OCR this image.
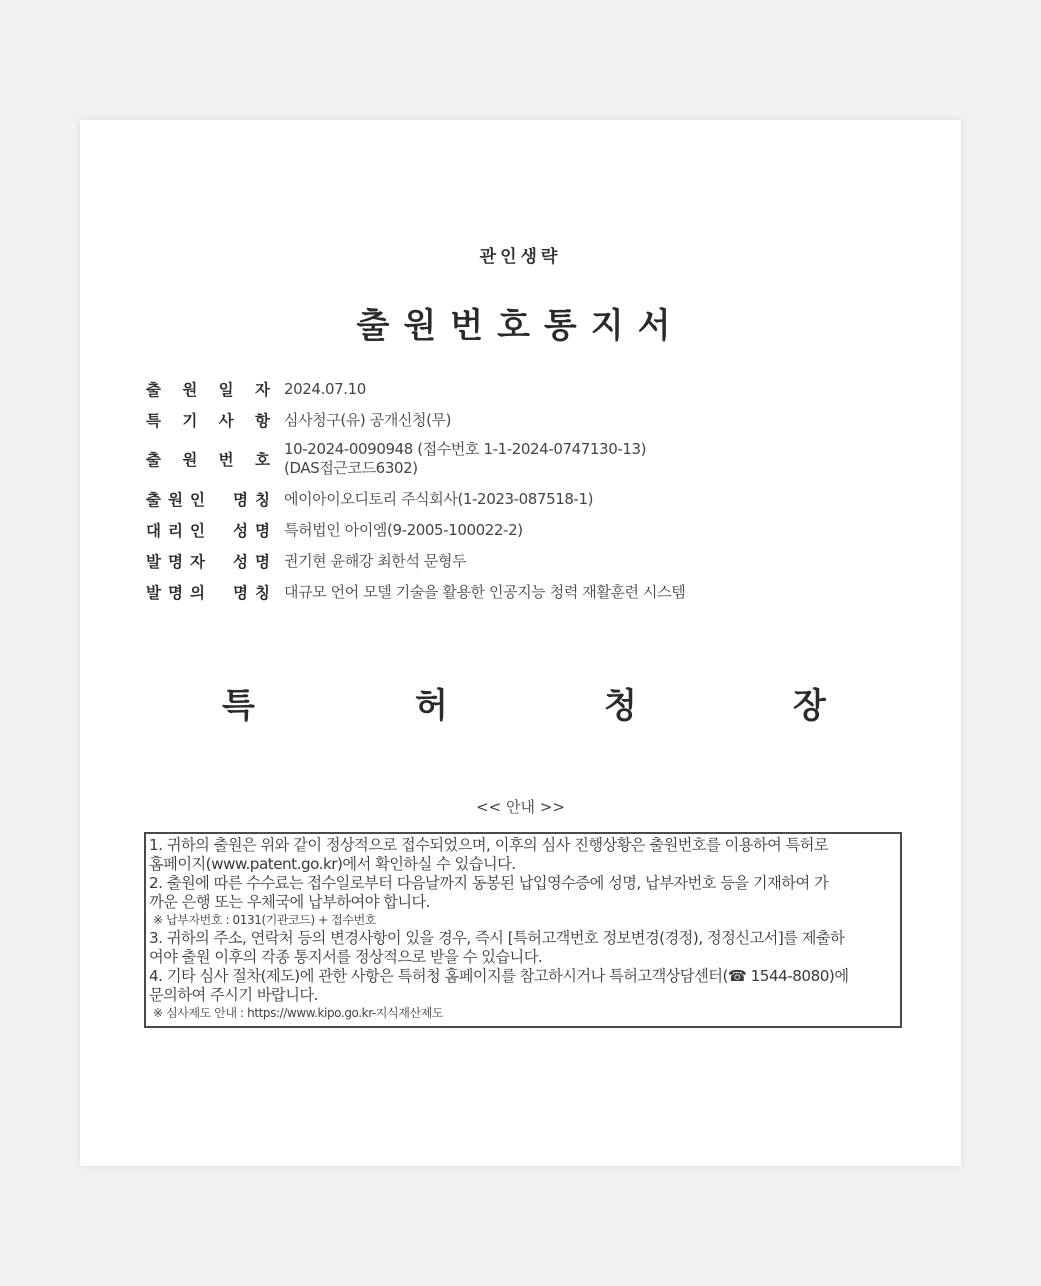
관인생략
출원번호통지서
출 원 일 자 2024.07.10
특 기 사 항 심사청구(유) 공개신청(무)
출 원 번 호
10-2024-0090948 (접수번호 1-1-2024-0747130-13)
(DAS접근코드6302)
출 원 인 명 칭 에이아이오디토리 주식회사(1-2023-087518-1)
대 리 인 성 명 특허법인 아이엠(9-2005-100022-2)
발 명 자 성 명 권기현 윤해강 최한석 문형두
발 명 의 명 칭 대규모 언어 모델 기술을 활용한 인공지능 청력 재활훈련 시스템
특	허	청	장
<< 안내 >>
1. 귀하의 출원은 위와 같이 정상적으로 접수되었으며, 이후의 심사 진행상황은 출원번호를 이용하여 특허로
홈페이지(www.patent.go.kr)에서 확인하실 수 있습니다.
2. 출원에 따른 수수료는 접수일로부터 다음날까지 동봉된 납입영수증에 성명, 납부자번호 등을 기재하여 가
까운 은행 또는 우체국에 납부하여야 합니다.
※ 납부자번호 : 0131(기관코드) + 접수번호
3. 귀하의 주소, 연락처 등의 변경사항이 있을 경우, 즉시 [특허고객번호 정보변경(경정), 정정신고서]를 제출하
여야 출원 이후의 각종 통지서를 정상적으로 받을 수 있습니다.
4. 기타 심사 절차(제도)에 관한 사항은 특허청 홈페이지를 참고하시거나 특허고객상담센터(☎ 1544-8080)에
문의하여 주시기 바랍니다.
※ 심사제도 안내 : https://www.kipo.go.kr-지식재산제도
